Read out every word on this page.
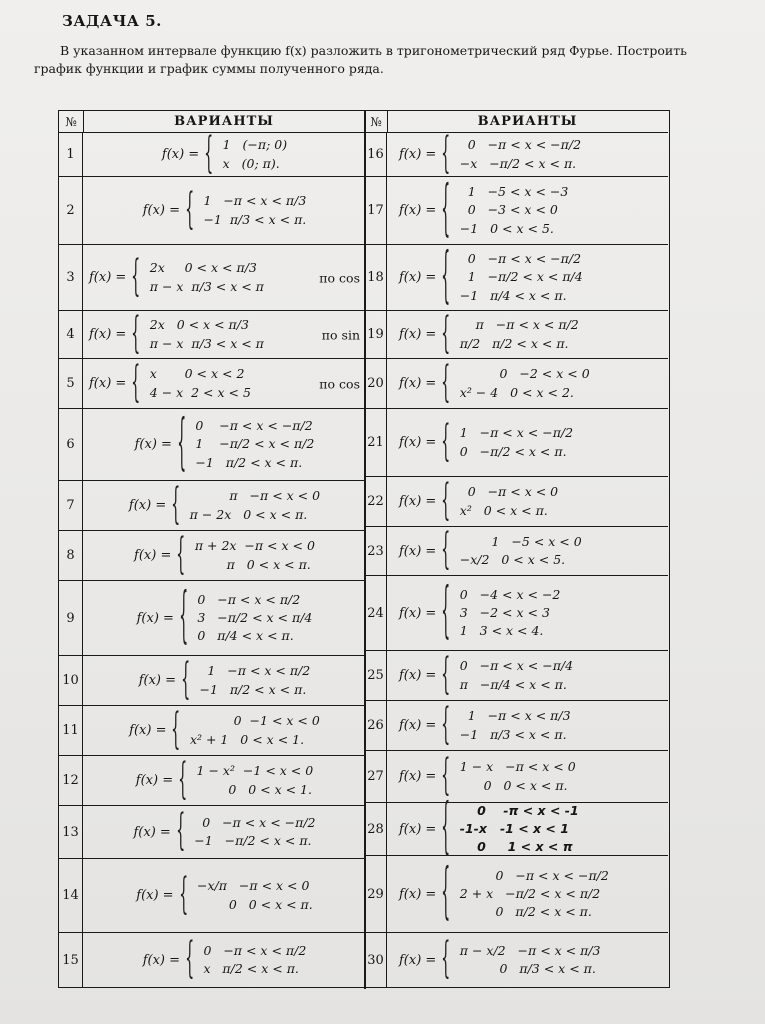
ЗАДАЧА 5.
В указанном интервале функцию f(x) разложить в тригонометрический ряд Фурье. Построить
график функции и график суммы полученного ряда.
№	ВАРИАНТЫ	№	ВАРИАНТЫ
1	f(x) = { 1   (−π; 0)
x   (0; π).
2	f(x) = { 1   −π < x < π/3
−1  π/3 < x < π.
3	f(x) = { 2x     0 < x < π/3
π − x  π/3 < x < π
по cos
4	f(x) = { 2x   0 < x < π/3
π − x  π/3 < x < π
по sin
5	f(x) = { x       0 < x < 2
4 − x  2 < x < 5
по cos
6	f(x) = { 0    −π < x < −π/2
1    −π/2 < x < π/2
−1   π/2 < x < π.
7	f(x) = { π   −π < x < 0
π − 2x   0 < x < π.
8	f(x) = { π + 2x  −π < x < 0
π   0 < x < π.
9	f(x) = { 0   −π < x < π/2
3   −π/2 < x < π/4
0   π/4 < x < π.
10	f(x) = { 1   −π < x < π/2
−1   π/2 < x < π.
11	f(x) = { 0  −1 < x < 0
x² + 1   0 < x < 1.
12	f(x) = { 1 − x²  −1 < x < 0
0   0 < x < 1.
13	f(x) = { 0   −π < x < −π/2
−1   −π/2 < x < π.
14	f(x) = { −x/π   −π < x < 0
0   0 < x < π.
15	f(x) = { 0   −π < x < π/2
x   π/2 < x < π.
16 f(x) = { 0   −π < x < −π/2
−x   −π/2 < x < π.
17 f(x) = { 1   −5 < x < −3
0   −3 < x < 0
−1   0 < x < 5.
18 f(x) = { 0   −π < x < −π/2
1   −π/2 < x < π/4
−1   π/4 < x < π.
19 f(x) = { π   −π < x < π/2
π/2   π/2 < x < π.
20 f(x) = { 0   −2 < x < 0
x² − 4   0 < x < 2.
21 f(x) = { 1   −π < x < −π/2
0   −π/2 < x < π.
22 f(x) = { 0   −π < x < 0
x²   0 < x < π.
23 f(x) = { 1   −5 < x < 0
−x/2   0 < x < 5.
24 f(x) = { 0   −4 < x < −2
3   −2 < x < 3
1   3 < x < 4.
25 f(x) = { 0   −π < x < −π/4
π   −π/4 < x < π.
26 f(x) = { 1   −π < x < π/3
−1   π/3 < x < π.
27 f(x) = { 1 − x   −π < x < 0
0   0 < x < π.
28 f(x) = { 0    -π < x < -1
-1-x   -1 < x < 1
0     1 < x < π
29 f(x) = { 0   −π < x < −π/2
2 + x   −π/2 < x < π/2
0   π/2 < x < π.
30 f(x) = { π − x/2   −π < x < π/3
0   π/3 < x < π.
